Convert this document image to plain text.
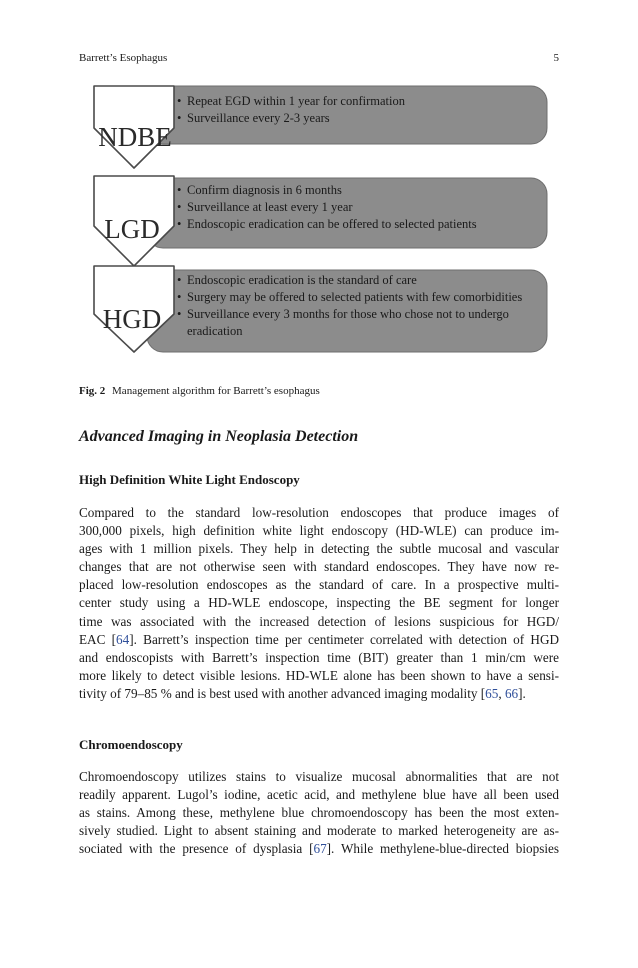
Barrett’s Esophagus	5
NDBE
LGD
HGD
•
•
•
•
•
•
•
•
Repeat EGD within 1 year for confirmation
Surveillance every 2-3 years
Confirm diagnosis in 6 months
Surveillance at least every 1 year
Endoscopic eradication can be offered to selected patients
Endoscopic eradication is the standard of care
Surgery may be offered to selected patients with few comorbidities
Surveillance every 3 months for those who chose not to undergo
eradication
Fig. 2 Management algorithm for Barrett’s esophagus
Advanced Imaging in Neoplasia Detection
High Definition White Light Endoscopy
Compared to the standard low-resolution endoscopes that produce images of
300,000 pixels, high definition white light endoscopy (HD-WLE) can produce im-
ages with 1 million pixels. They help in detecting the subtle mucosal and vascular
changes that are not otherwise seen with standard endoscopes. They have now re-
placed low-resolution endoscopes as the standard of care. In a prospective multi-
center study using a HD-WLE endoscope, inspecting the BE segment for longer
time was associated with the increased detection of lesions suspicious for HGD/
EAC [64]. Barrett’s inspection time per centimeter correlated with detection of HGD
and endoscopists with Barrett’s inspection time (BIT) greater than 1 min/cm were
more likely to detect visible lesions. HD-WLE alone has been shown to have a sensi-
tivity of 79–85 % and is best used with another advanced imaging modality [65, 66].
Chromoendoscopy
Chromoendoscopy utilizes stains to visualize mucosal abnormalities that are not
readily apparent. Lugol’s iodine, acetic acid, and methylene blue have all been used
as stains. Among these, methylene blue chromoendoscopy has been the most exten-
sively studied. Light to absent staining and moderate to marked heterogeneity are as-
sociated with the presence of dysplasia [67]. While methylene-blue-directed biopsies
